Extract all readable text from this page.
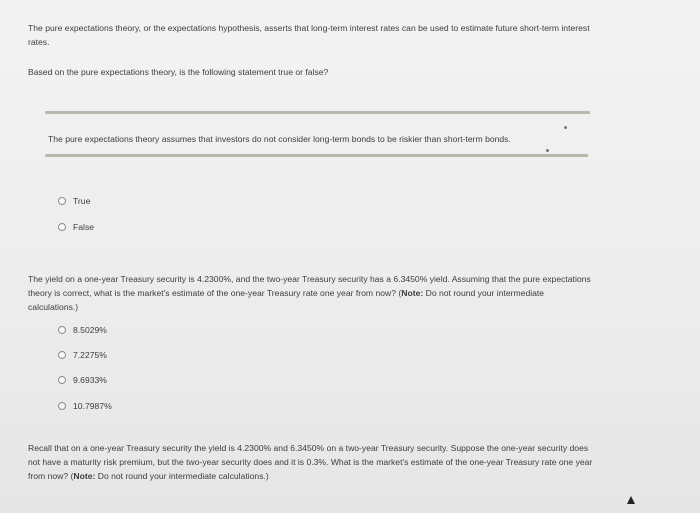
The pure expectations theory, or the expectations hypothesis, asserts that long-term interest rates can be used to estimate future short-term interest
rates.
Based on the pure expectations theory, is the following statement true or false?
The pure expectations theory assumes that investors do not consider long-term bonds to be riskier than short-term bonds.
True
False
The yield on a one-year Treasury security is 4.2300%, and the two-year Treasury security has a 6.3450% yield. Assuming that the pure expectations
theory is correct, what is the market's estimate of the one-year Treasury rate one year from now? (Note: Do not round your intermediate
calculations.)
8.5029%
7.2275%
9.6933%
10.7987%
Recall that on a one-year Treasury security the yield is 4.2300% and 6.3450% on a two-year Treasury security. Suppose the one-year security does
not have a maturity risk premium, but the two-year security does and it is 0.3%. What is the market's estimate of the one-year Treasury rate one year
from now? (Note: Do not round your intermediate calculations.)
